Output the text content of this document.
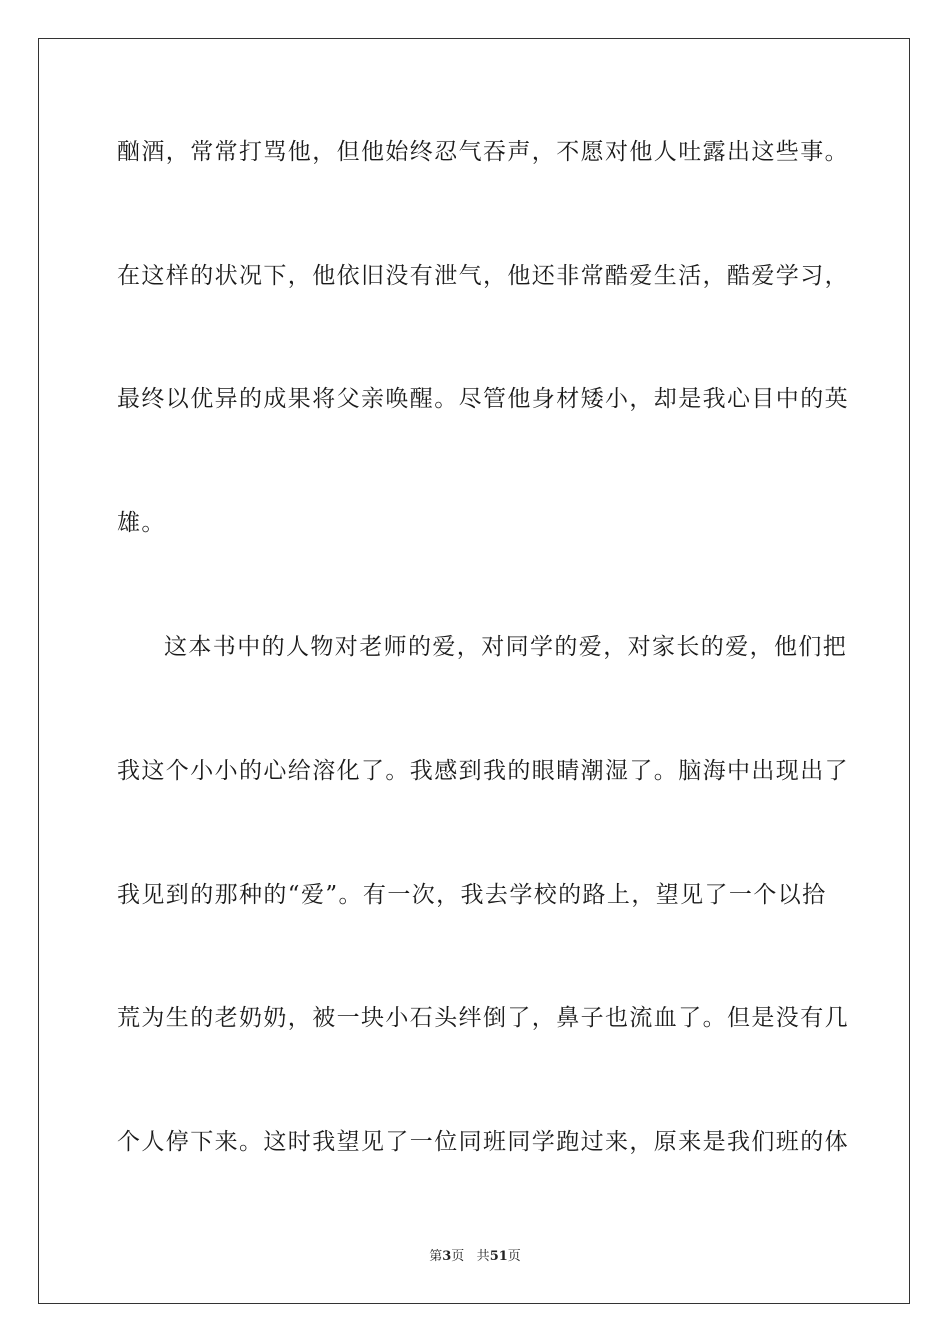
酗酒，常常打骂他，但他始终忍气吞声，不愿对他人吐露出这些事。
在这样的状况下，他依旧没有泄气，他还非常酷爱生活，酷爱学习，
最终以优异的成果将父亲唤醒。尽管他身材矮小，却是我心目中的英
雄。
这本书中的人物对老师的爱，对同学的爱，对家长的爱，他们把
我这个小小的心给溶化了。我感到我的眼睛潮湿了。脑海中出现出了
我见到的那种的“爱”。有一次，我去学校的路上，望见了一个以拾
荒为生的老奶奶，被一块小石头绊倒了，鼻子也流血了。但是没有几
个人停下来。这时我望见了一位同班同学跑过来，原来是我们班的体
第3页 共51页
